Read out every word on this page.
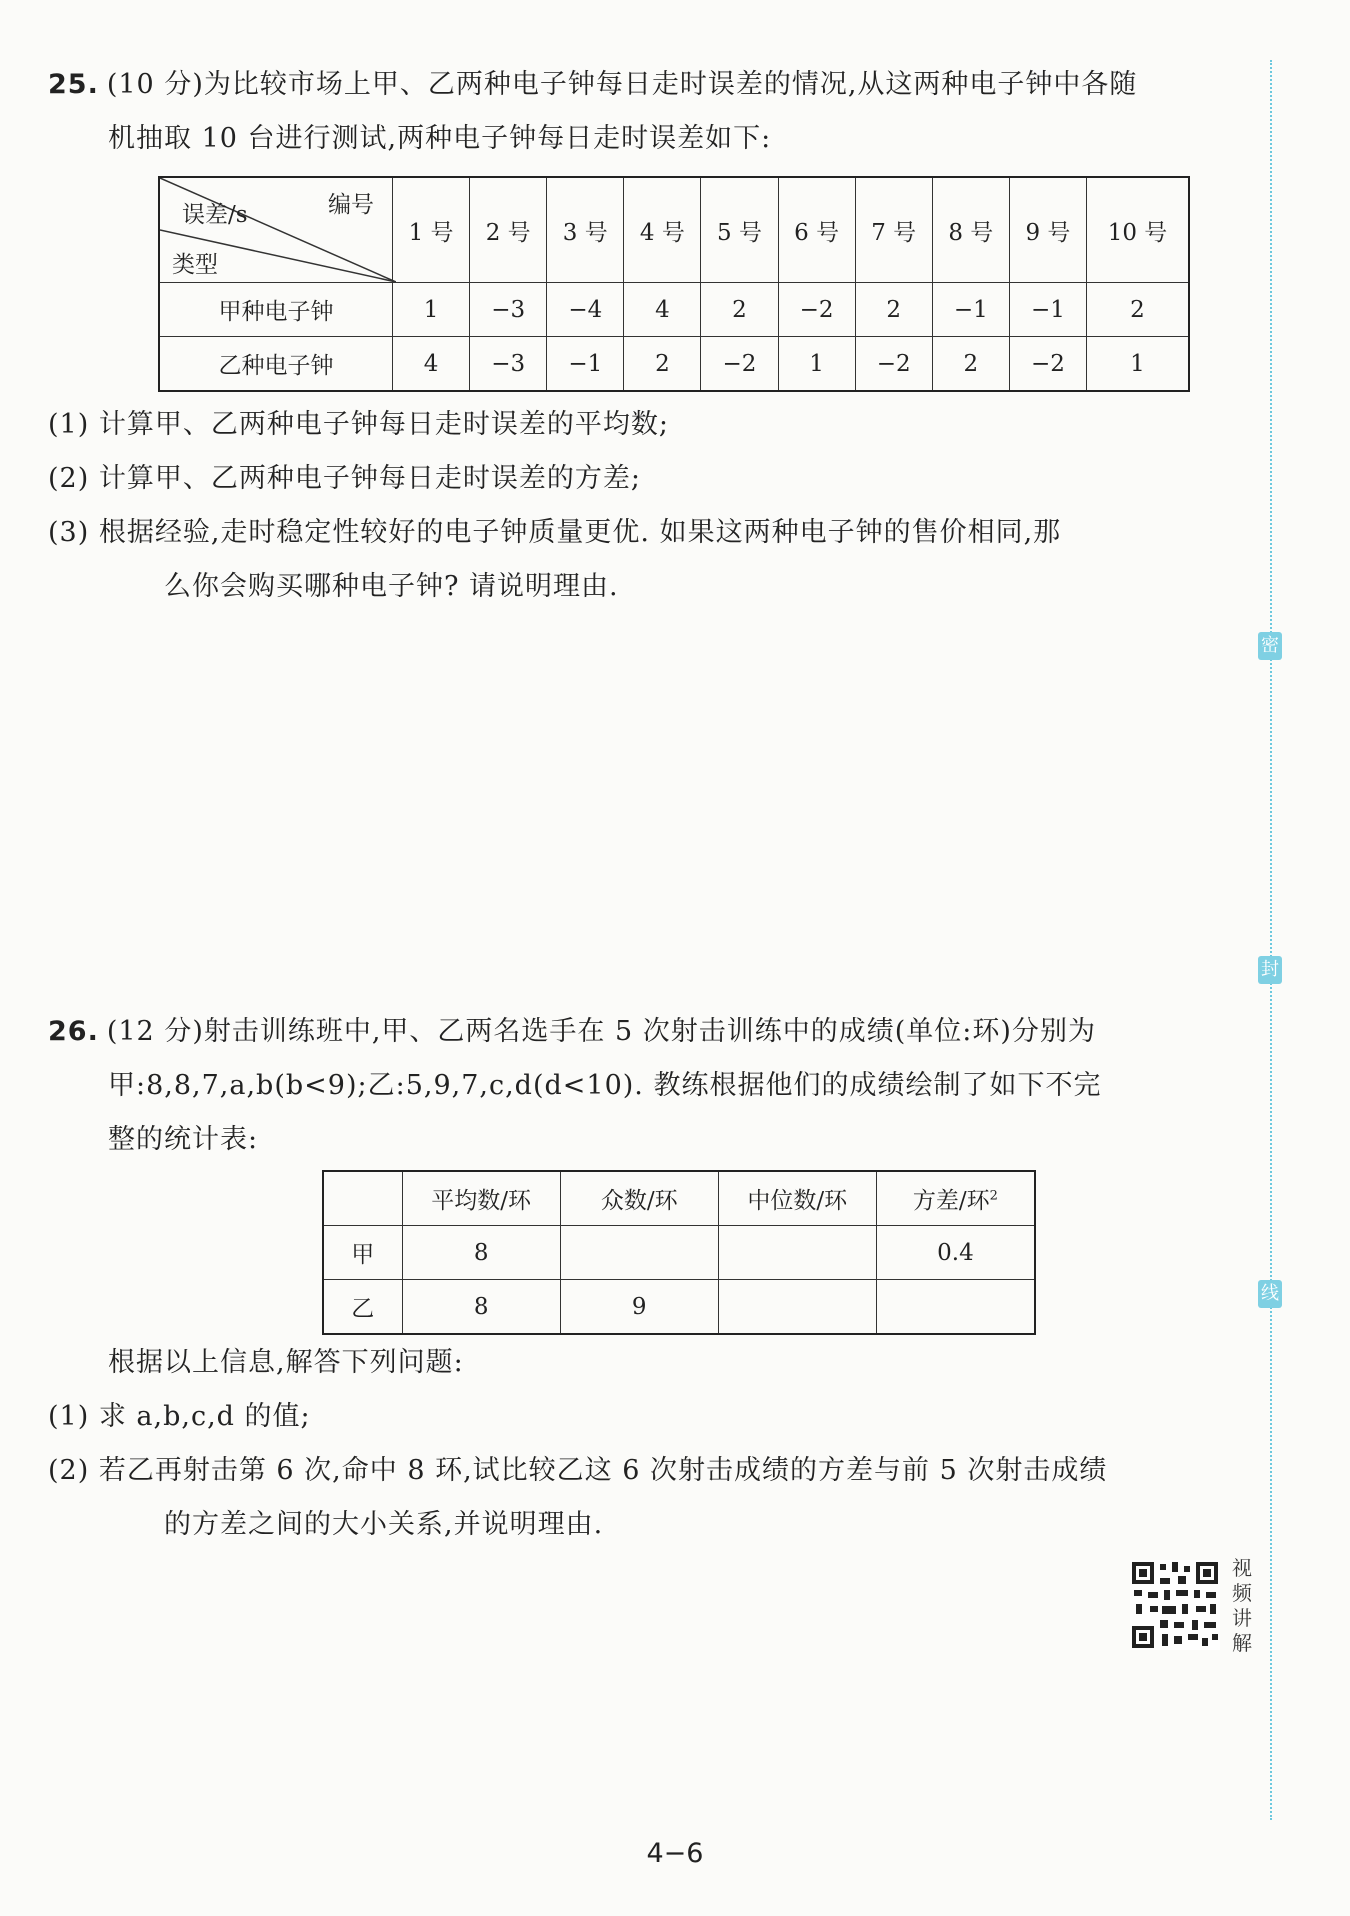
密
封
线
25. (10 分)为比较市场上甲、乙两种电子钟每日走时误差的情况,从这两种电子钟中各随
机抽取 10 台进行测试,两种电子钟每日走时误差如下:
编号
误差/s
类型	1 号	2 号	3 号	4 号	5 号	6 号	7 号	8 号	9 号	10 号
甲种电子钟	1	−3	−4	4	2	−2	2	−1	−1	2
乙种电子钟	4	−3	−1	2	−2	1	−2	2	−2	1
(1) 计算甲、乙两种电子钟每日走时误差的平均数;
(2) 计算甲、乙两种电子钟每日走时误差的方差;
(3) 根据经验,走时稳定性较好的电子钟质量更优. 如果这两种电子钟的售价相同,那
么你会购买哪种电子钟? 请说明理由.
26. (12 分)射击训练班中,甲、乙两名选手在 5 次射击训练中的成绩(单位:环)分别为
甲:8,8,7,a,b(b<9);乙:5,9,7,c,d(d<10). 教练根据他们的成绩绘制了如下不完
整的统计表:
	平均数/环	众数/环	中位数/环	方差/环$^2$
甲	8			0.4
乙	8	9		
根据以上信息,解答下列问题:
(1) 求 a,b,c,d 的值;
(2) 若乙再射击第 6 次,命中 8 环,试比较乙这 6 次射击成绩的方差与前 5 次射击成绩
的方差之间的大小关系,并说明理由.
视频讲解
4−6
